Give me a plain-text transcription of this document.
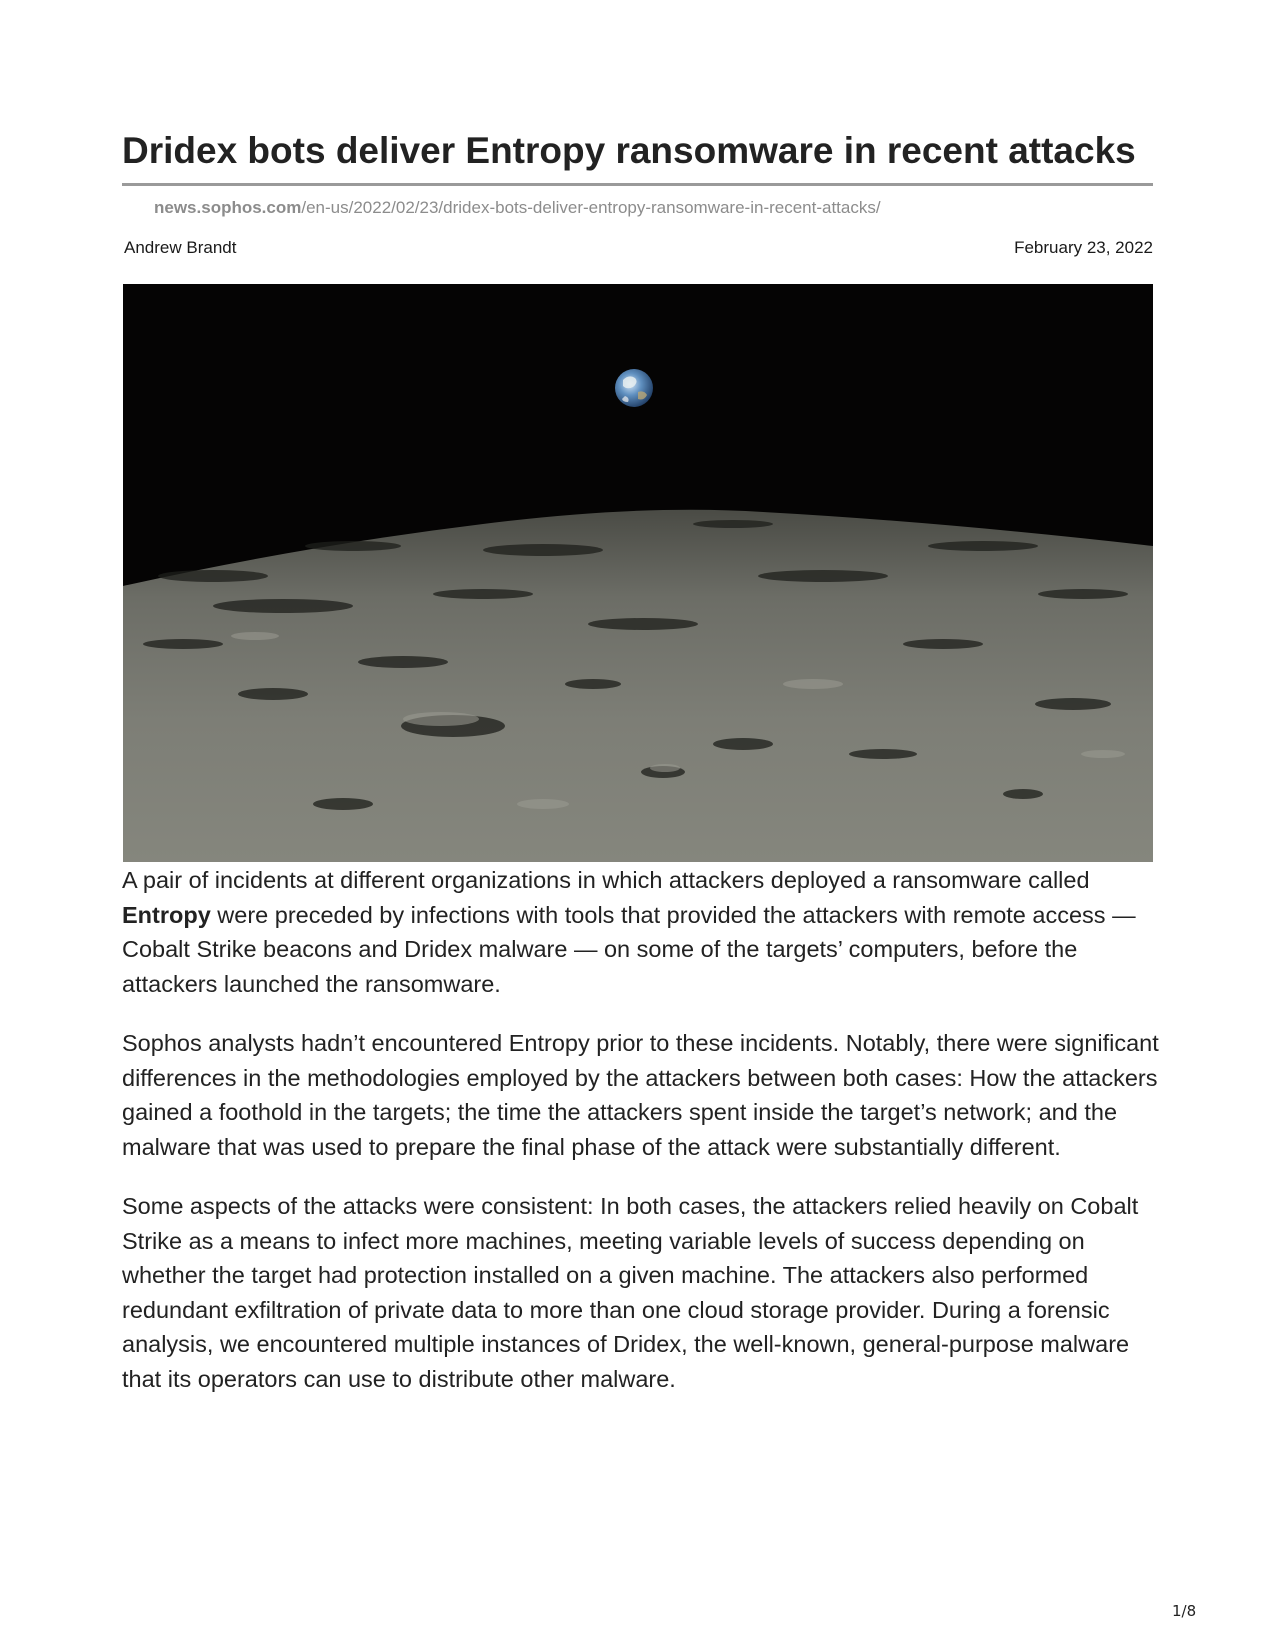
Dridex bots deliver Entropy ransomware in recent attacks
news.sophos.com/en-us/2022/02/23/dridex-bots-deliver-entropy-ransomware-in-recent-attacks/
Andrew Brandt	February 23, 2022

A pair of incidents at different organizations in which attackers deployed a ransomware called Entropy were preceded by infections with tools that provided the attackers with remote access — Cobalt Strike beacons and Dridex malware — on some of the targets’ computers, before the attackers launched the ransomware.

Sophos analysts hadn’t encountered Entropy prior to these incidents. Notably, there were significant differences in the methodologies employed by the attackers between both cases: How the attackers gained a foothold in the targets; the time the attackers spent inside the target’s network; and the malware that was used to prepare the final phase of the attack were substantially different.

Some aspects of the attacks were consistent: In both cases, the attackers relied heavily on Cobalt Strike as a means to infect more machines, meeting variable levels of success depending on whether the target had protection installed on a given machine. The attackers also performed redundant exfiltration of private data to more than one cloud storage provider. During a forensic analysis, we encountered multiple instances of Dridex, the well-known, general-purpose malware that its operators can use to distribute other malware.

1/8
